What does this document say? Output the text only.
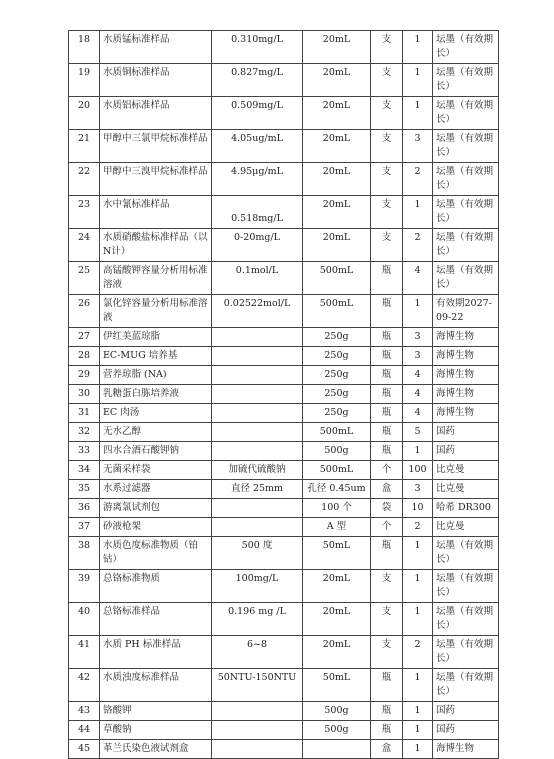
18	水质锰标准样品	0.310mg/L	20mL	支	1	坛墨（有效期长）
19	水质铜标准样品	0.827mg/L	20mL	支	1	坛墨（有效期长）
20	水质铝标准样品	0.509mg/L	20mL	支	1	坛墨（有效期长）
21	甲醇中三氯甲烷标准样品	4.05ug/mL	20mL	支	3	坛墨（有效期长）
22	甲醇中三溴甲烷标准样品	4.95μg/mL	20mL	支	2	坛墨（有效期长）
23	水中氰标准样品	0.518mg/L	20mL	支	1	坛墨（有效期长）
24	水质硝酸盐标准样品（以N计）	0-20mg/L	20mL	支	2	坛墨（有效期长）
25	高锰酸钾容量分析用标准溶液	0.1mol/L	500mL	瓶	4	坛墨（有效期长）
26	氯化锌容量分析用标准溶液	0.02522mol/L	500mL	瓶	1	有效期2027-09-22
27	伊红美蓝琼脂		250g	瓶	3	海博生物
28	EC-MUG 培养基		250g	瓶	3	海博生物
29	营养琼脂 (NA)		250g	瓶	4	海博生物
30	乳糖蛋白胨培养液		250g	瓶	4	海博生物
31	EC 肉汤		250g	瓶	4	海博生物
32	无水乙醇		500mL	瓶	5	国药
33	四水合酒石酸钾钠		500g	瓶	1	国药
34	无菌采样袋	加硫代硫酸钠	500mL	个	100	比克曼
35	水系过滤器	直径 25mm	孔径 0.45um	盒	3	比克曼
36	游离氯试剂包		100 个	袋	10	哈希 DR300
37	砂液枪架		A 型	个	2	比克曼
38	水质色度标准物质（铂钴）	500 度	50mL	瓶	1	坛墨（有效期长）
39	总铬标准物质	100mg/L	20mL	支	1	坛墨（有效期长）
40	总铬标准样品	0.196 mg /L	20mL	支	1	坛墨（有效期长）
41	水质 PH 标准样品	6~8	20mL	支	2	坛墨（有效期长）
42	水质浊度标准样品	50NTU-150NTU	50mL	瓶	1	坛墨（有效期长）
43	铬酸钾		500g	瓶	1	国药
44	草酸钠		500g	瓶	1	国药
45	革兰氏染色液试剂盒			盒	1	海博生物
